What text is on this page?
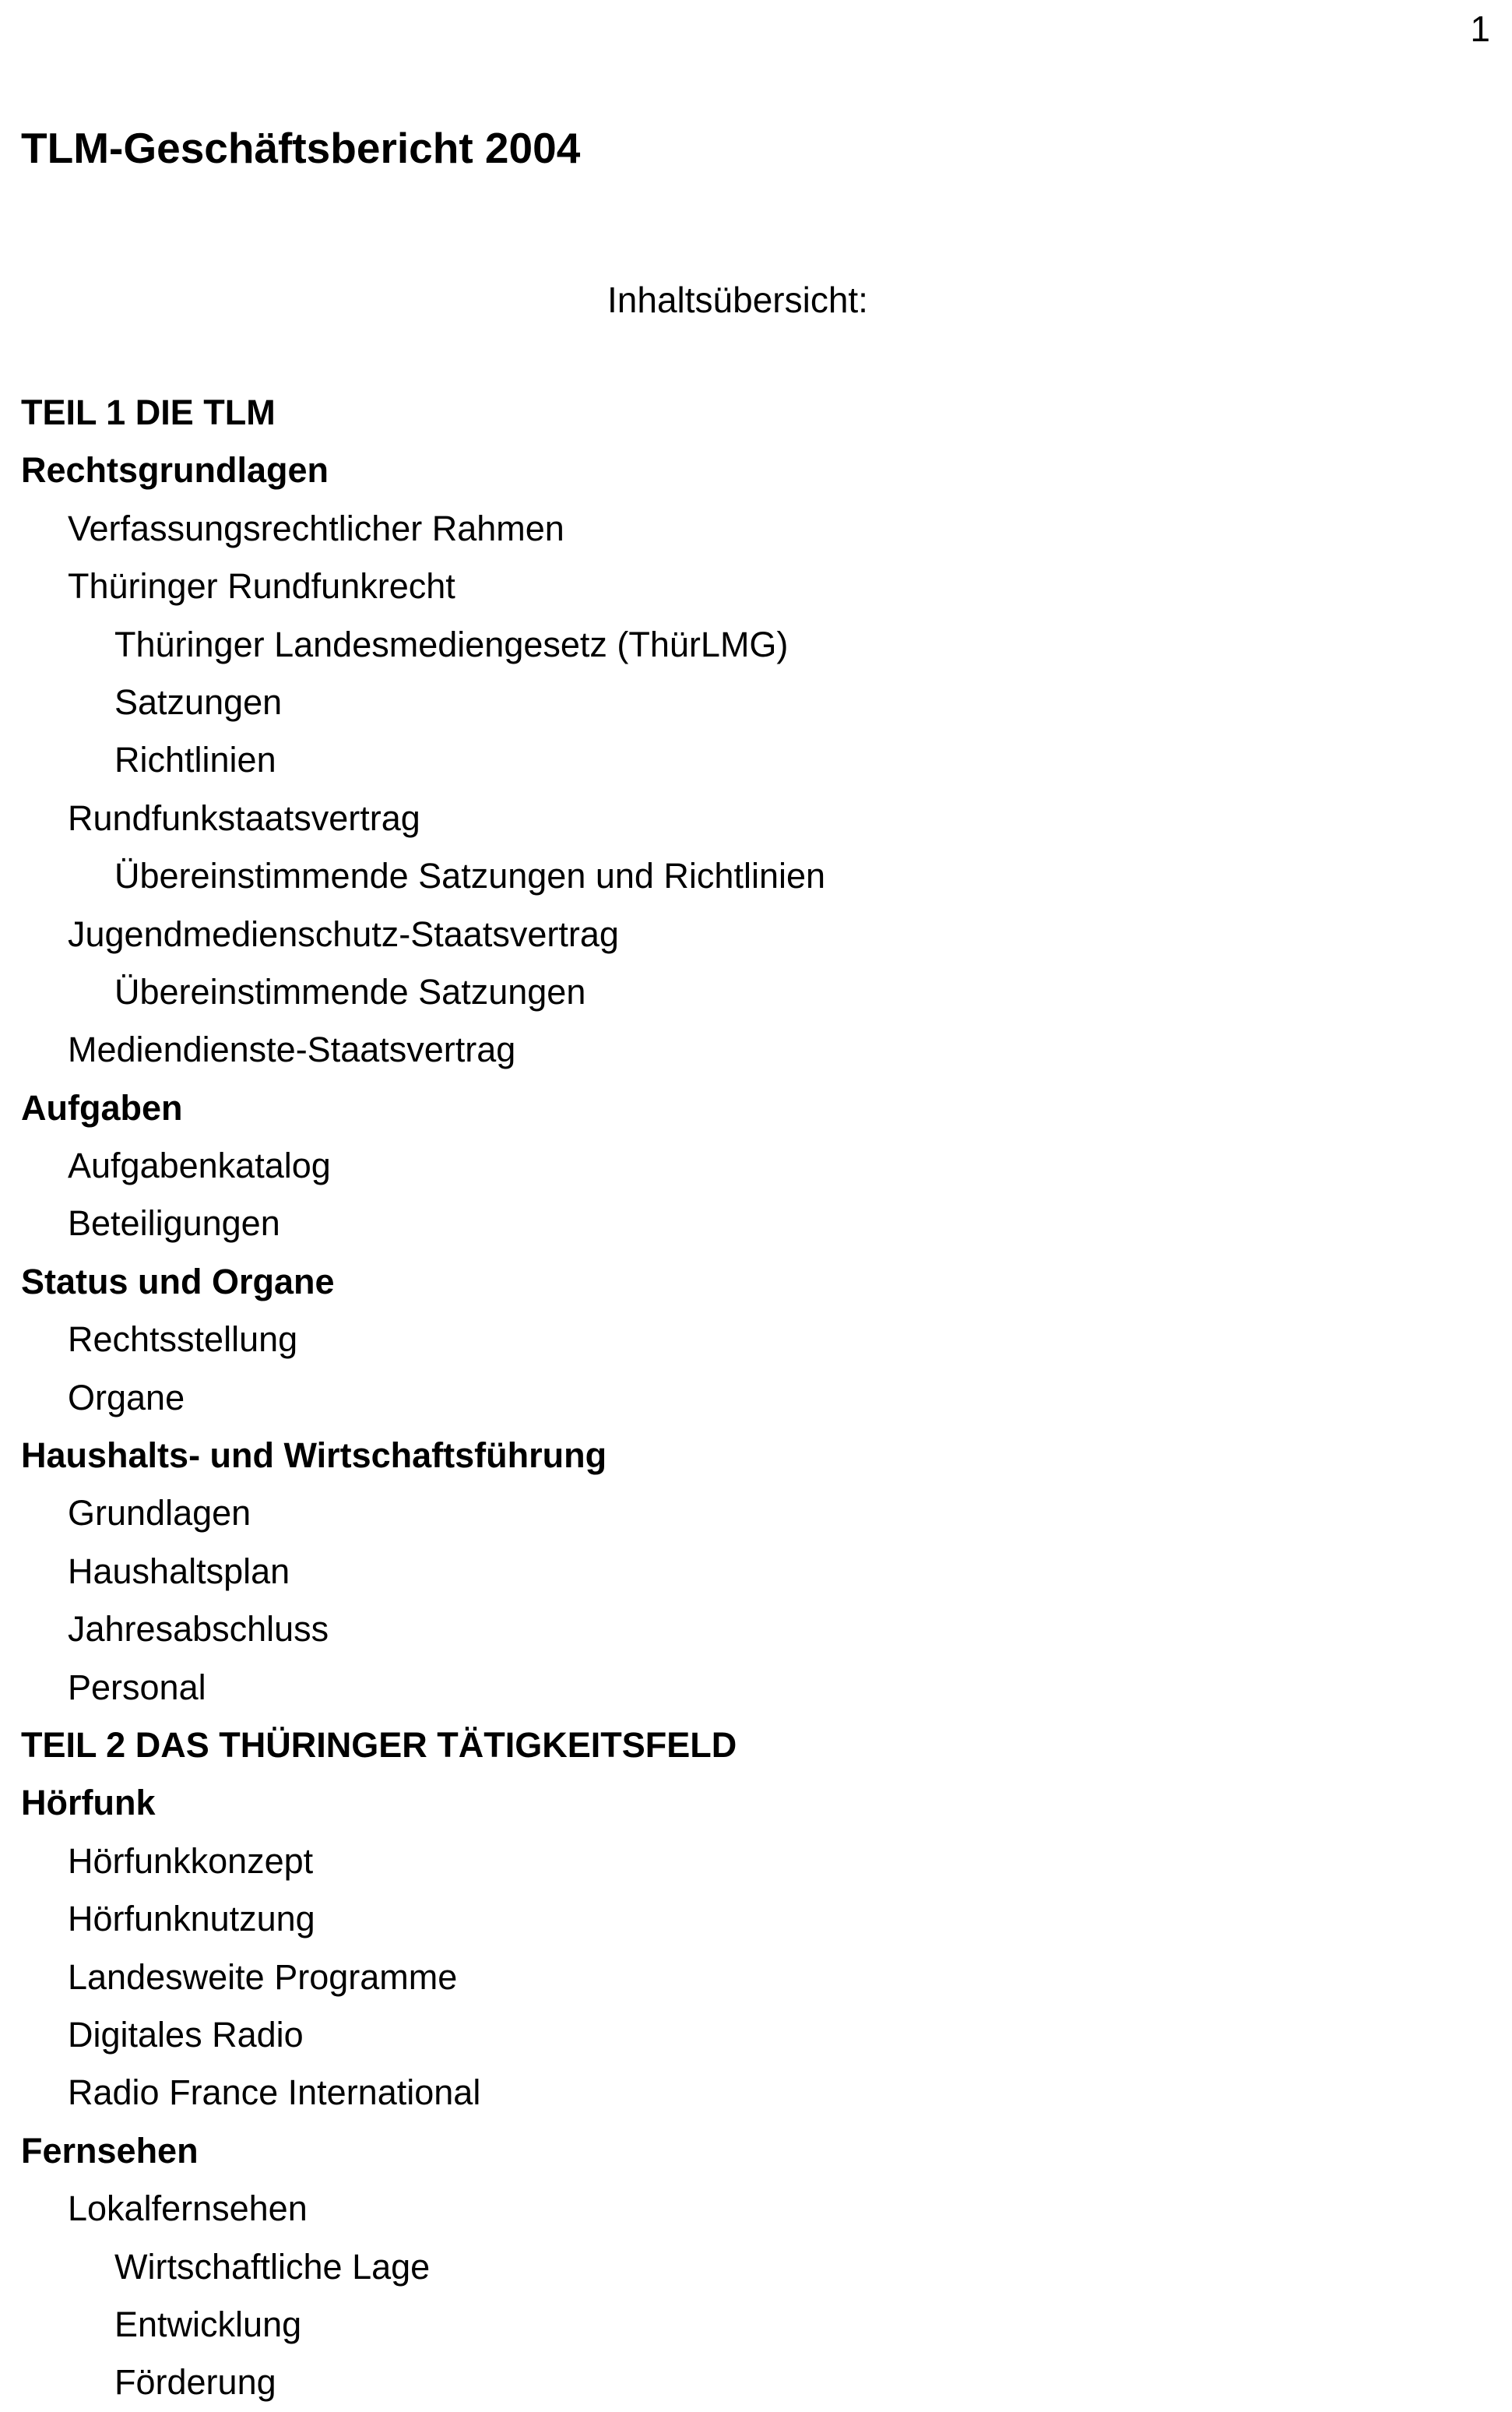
1
TLM-Geschäftsbericht 2004
Inhaltsübersicht:
TEIL 1 DIE TLM
Rechtsgrundlagen
Verfassungsrechtlicher Rahmen
Thüringer Rundfunkrecht
Thüringer Landesmediengesetz (ThürLMG)
Satzungen
Richtlinien
Rundfunkstaatsvertrag
Übereinstimmende Satzungen und Richtlinien
Jugendmedienschutz-Staatsvertrag
Übereinstimmende Satzungen
Mediendienste-Staatsvertrag
Aufgaben
Aufgabenkatalog
Beteiligungen
Status und Organe
Rechtsstellung
Organe
Haushalts- und Wirtschaftsführung
Grundlagen
Haushaltsplan
Jahresabschluss
Personal
TEIL 2 DAS THÜRINGER TÄTIGKEITSFELD
Hörfunk
Hörfunkkonzept
Hörfunknutzung
Landesweite Programme
Digitales Radio
Radio France International
Fernsehen
Lokalfernsehen
Wirtschaftliche Lage
Entwicklung
Förderung
